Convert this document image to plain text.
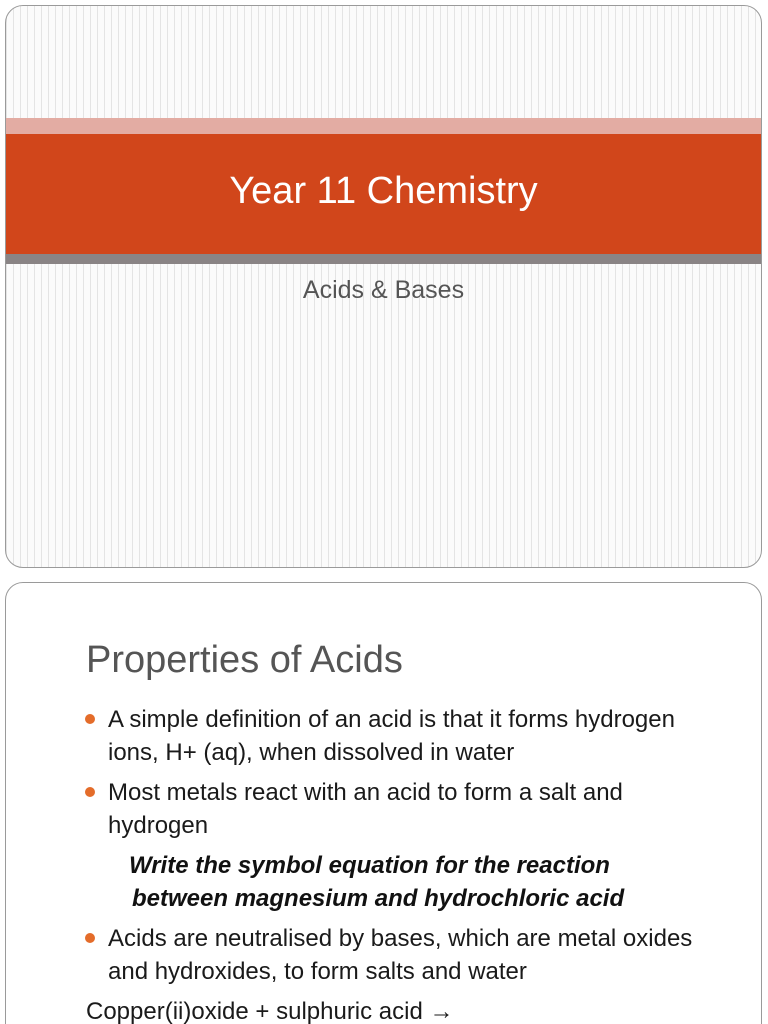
Year 11 Chemistry
Acids & Bases
Properties of Acids
A simple definition of an acid is that it forms hydrogen ions, H+ (aq), when dissolved in water
Most metals react with an acid to form a salt and hydrogen
Write the symbol equation for the reaction
between magnesium and hydrochloric acid
Acids are neutralised by bases, which are metal oxides and hydroxides, to form salts and water
Copper(ii)oxide + sulphuric acid →
